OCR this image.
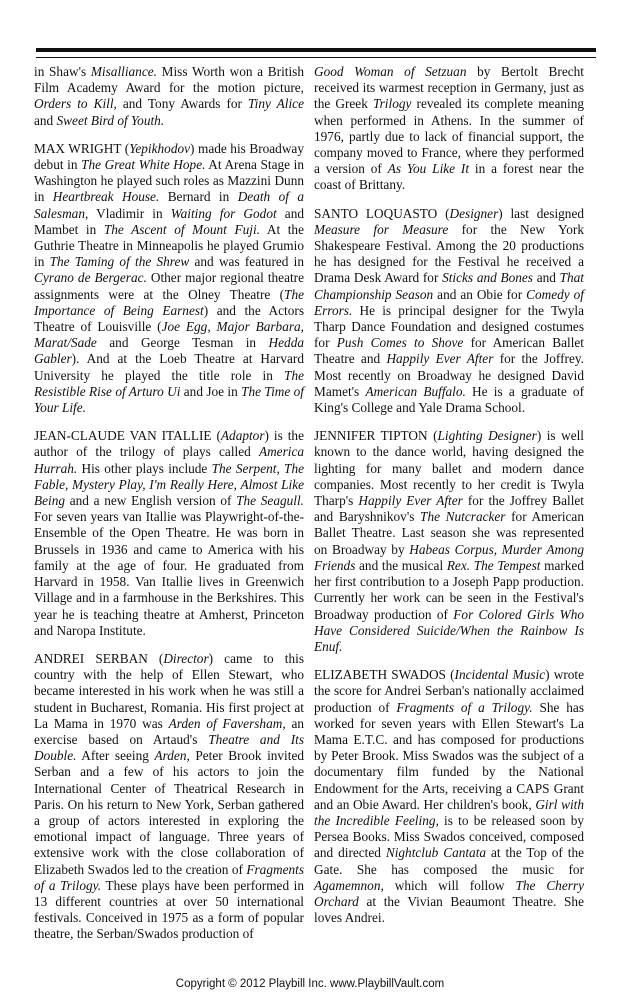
in Shaw's Misalliance. Miss Worth won a British Film Academy Award for the motion picture, Orders to Kill, and Tony Awards for Tiny Alice and Sweet Bird of Youth.

MAX WRIGHT (Yepikhodov) made his Broadway debut in The Great White Hope. At Arena Stage in Washington he played such roles as Mazzini Dunn in Heartbreak House. Bernard in Death of a Salesman, Vladimir in Waiting for Godot and Mambet in The Ascent of Mount Fuji. At the Guthrie Theatre in Minneapolis he played Grumio in The Taming of the Shrew and was featured in Cyrano de Bergerac. Other major regional theatre assignments were at the Olney Theatre (The Importance of Being Earnest) and the Actors Theatre of Louisville (Joe Egg, Major Barbara, Marat/Sade and George Tesman in Hedda Gabler). And at the Loeb Theatre at Harvard University he played the title role in The Resistible Rise of Arturo Ui and Joe in The Time of Your Life.

JEAN-CLAUDE VAN ITALLIE (Adaptor) is the author of the trilogy of plays called America Hurrah. His other plays include The Serpent, The Fable, Mystery Play, I'm Really Here, Almost Like Being and a new English version of The Seagull. For seven years van Itallie was Playwright-of-the-Ensemble of the Open Theatre. He was born in Brussels in 1936 and came to America with his family at the age of four. He graduated from Harvard in 1958. Van Itallie lives in Greenwich Village and in a farmhouse in the Berkshires. This year he is teaching theatre at Amherst, Princeton and Naropa Institute.

ANDREI SERBAN (Director) came to this country with the help of Ellen Stewart, who became interested in his work when he was still a student in Bucharest, Romania. His first project at La Mama in 1970 was Arden of Faversham, an exercise based on Artaud's Theatre and Its Double. After seeing Arden, Peter Brook invited Serban and a few of his actors to join the International Center of Theatrical Research in Paris. On his return to New York, Serban gathered a group of actors interested in exploring the emotional impact of language. Three years of extensive work with the close collaboration of Elizabeth Swados led to the creation of Fragments of a Trilogy. These plays have been performed in 13 different countries at over 50 international festivals. Conceived in 1975 as a form of popular theatre, the Serban/Swados production of

Good Woman of Setzuan by Bertolt Brecht received its warmest reception in Germany, just as the Greek Trilogy revealed its complete meaning when performed in Athens. In the summer of 1976, partly due to lack of financial support, the company moved to France, where they performed a version of As You Like It in a forest near the coast of Brittany.

SANTO LOQUASTO (Designer) last designed Measure for Measure for the New York Shakespeare Festival. Among the 20 productions he has designed for the Festival he received a Drama Desk Award for Sticks and Bones and That Championship Season and an Obie for Comedy of Errors. He is principal designer for the Twyla Tharp Dance Foundation and designed costumes for Push Comes to Shove for American Ballet Theatre and Happily Ever After for the Joffrey. Most recently on Broadway he designed David Mamet's American Buffalo. He is a graduate of King's College and Yale Drama School.

JENNIFER TIPTON (Lighting Designer) is well known to the dance world, having designed the lighting for many ballet and modern dance companies. Most recently to her credit is Twyla Tharp's Happily Ever After for the Joffrey Ballet and Baryshnikov's The Nutcracker for American Ballet Theatre. Last season she was represented on Broadway by Habeas Corpus, Murder Among Friends and the musical Rex. The Tempest marked her first contribution to a Joseph Papp production. Currently her work can be seen in the Festival's Broadway production of For Colored Girls Who Have Considered Suicide/When the Rainbow Is Enuf.

ELIZABETH SWADOS (Incidental Music) wrote the score for Andrei Serban's nationally acclaimed production of Fragments of a Trilogy. She has worked for seven years with Ellen Stewart's La Mama E.T.C. and has composed for productions by Peter Brook. Miss Swados was the subject of a documentary film funded by the National Endowment for the Arts, receiving a CAPS Grant and an Obie Award. Her children's book, Girl with the Incredible Feeling, is to be released soon by Persea Books. Miss Swados conceived, composed and directed Nightclub Cantata at the Top of the Gate. She has composed the music for Agamemnon, which will follow The Cherry Orchard at the Vivian Beaumont Theatre. She loves Andrei.

Copyright © 2012 Playbill Inc. www.PlaybillVault.com
